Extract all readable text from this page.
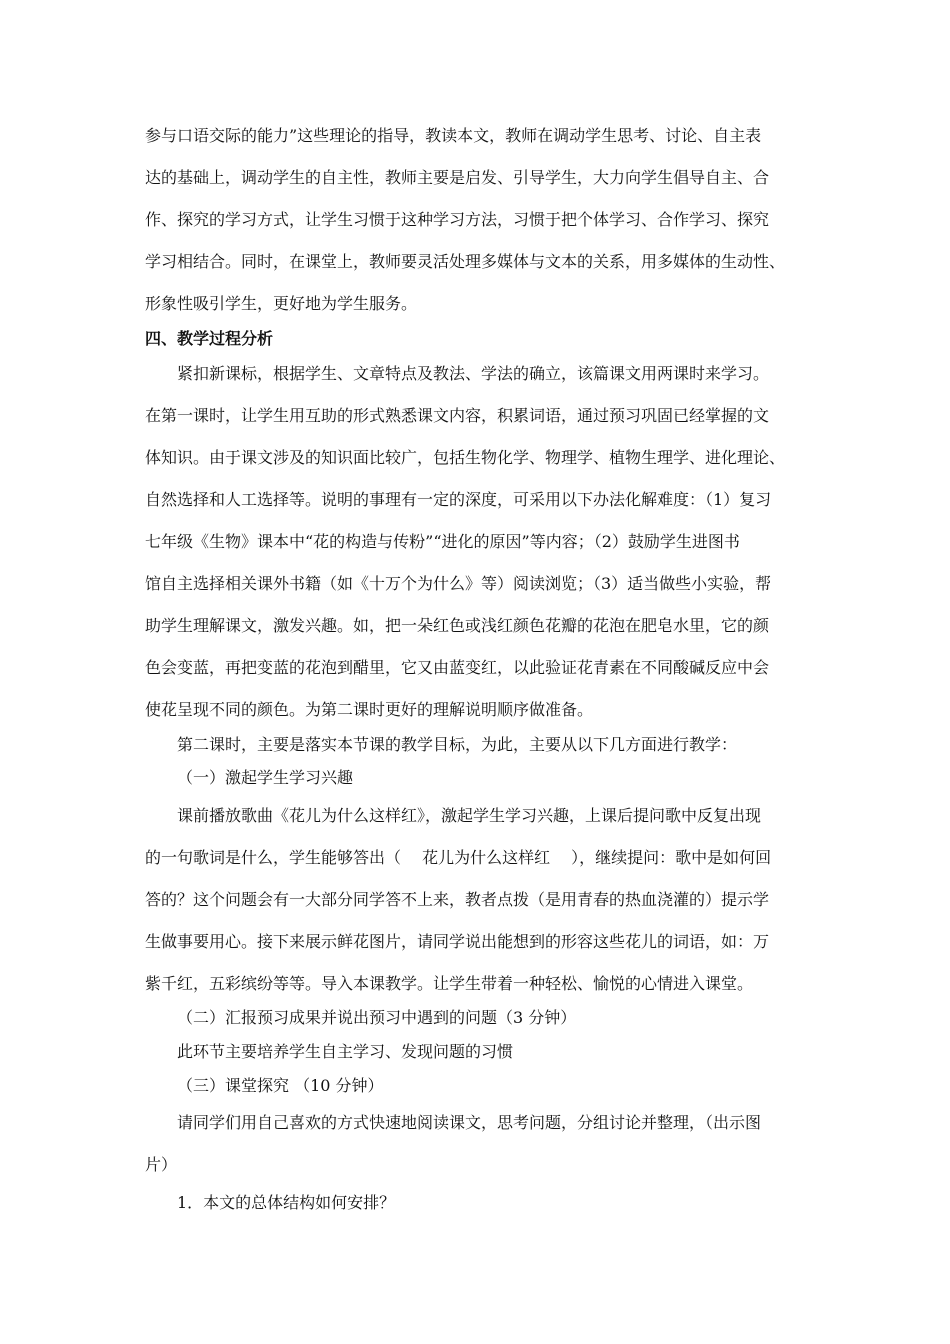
参与口语交际的能力”这些理论的指导，教读本文，教师在调动学生思考、讨论、自主表
达的基础上，调动学生的自主性，教师主要是启发、引导学生，大力向学生倡导自主、合
作、探究的学习方式，让学生习惯于这种学习方法，习惯于把个体学习、合作学习、探究
学习相结合。同时，在课堂上，教师要灵活处理多媒体与文本的关系，用多媒体的生动性、
形象性吸引学生，更好地为学生服务。
四、教学过程分析
紧扣新课标，根据学生、文章特点及教法、学法的确立，该篇课文用两课时来学习。
在第一课时，让学生用互助的形式熟悉课文内容，积累词语，通过预习巩固已经掌握的文
体知识。由于课文涉及的知识面比较广，包括生物化学、物理学、植物生理学、进化理论、
自然选择和人工选择等。说明的事理有一定的深度，可采用以下办法化解难度：（1）复习
七年级《生物》课本中“花的构造与传粉”“进化的原因”等内容；（2）鼓励学生进图书
馆自主选择相关课外书籍（如《十万个为什么》等）阅读浏览；（3）适当做些小实验，帮
助学生理解课文，激发兴趣。如，把一朵红色或浅红颜色花瓣的花泡在肥皂水里，它的颜
色会变蓝，再把变蓝的花泡到醋里，它又由蓝变红，以此验证花青素在不同酸碱反应中会
使花呈现不同的颜色。为第二课时更好的理解说明顺序做准备。
第二课时，主要是落实本节课的教学目标，为此，主要从以下几方面进行教学：
（一）激起学生学习兴趣
课前播放歌曲《花儿为什么这样红》，激起学生学习兴趣，上课后提问歌中反复出现
的一句歌词是什么，学生能够答出（　 花儿为什么这样红 　），继续提问：歌中是如何回
答的？这个问题会有一大部分同学答不上来，教者点拨（是用青春的热血浇灌的）提示学
生做事要用心。接下来展示鲜花图片，请同学说出能想到的形容这些花儿的词语，如：万
紫千红，五彩缤纷等等。导入本课教学。让学生带着一种轻松、愉悦的心情进入课堂。
（二）汇报预习成果并说出预习中遇到的问题（3 分钟）
此环节主要培养学生自主学习、发现问题的习惯
（三）课堂探究 （10 分钟）
请同学们用自己喜欢的方式快速地阅读课文，思考问题，分组讨论并整理，（出示图
片）
1．本文的总体结构如何安排？
